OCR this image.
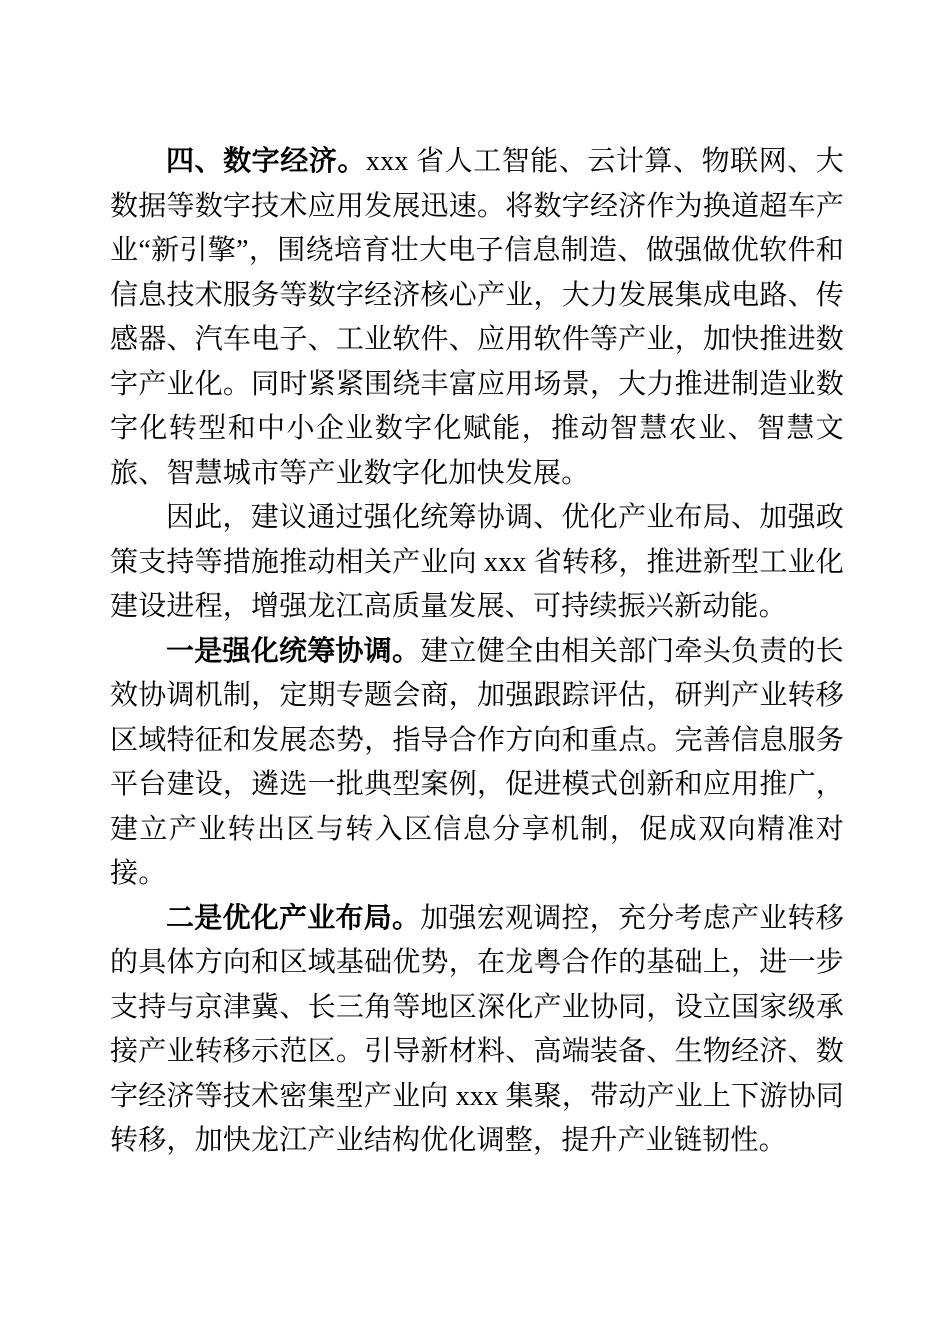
四、数字经济。xxx 省人工智能、云计算、物联网、大数据等数字技术应用发展迅速。将数字经济作为换道超车产业“新引擎”，围绕培育壮大电子信息制造、做强做优软件和信息技术服务等数字经济核心产业，大力发展集成电路、传感器、汽车电子、工业软件、应用软件等产业，加快推进数字产业化。同时紧紧围绕丰富应用场景，大力推进制造业数字化转型和中小企业数字化赋能，推动智慧农业、智慧文旅、智慧城市等产业数字化加快发展。

因此，建议通过强化统筹协调、优化产业布局、加强政策支持等措施推动相关产业向 xxx 省转移，推进新型工业化建设进程，增强龙江高质量发展、可持续振兴新动能。

一是强化统筹协调。建立健全由相关部门牵头负责的长效协调机制，定期专题会商，加强跟踪评估，研判产业转移区域特征和发展态势，指导合作方向和重点。完善信息服务平台建设，遴选一批典型案例，促进模式创新和应用推广，建立产业转出区与转入区信息分享机制，促成双向精准对接。

二是优化产业布局。加强宏观调控，充分考虑产业转移的具体方向和区域基础优势，在龙粤合作的基础上，进一步支持与京津冀、长三角等地区深化产业协同，设立国家级承接产业转移示范区。引导新材料、高端装备、生物经济、数字经济等技术密集型产业向 xxx 集聚，带动产业上下游协同转移，加快龙江产业结构优化调整，提升产业链韧性。
